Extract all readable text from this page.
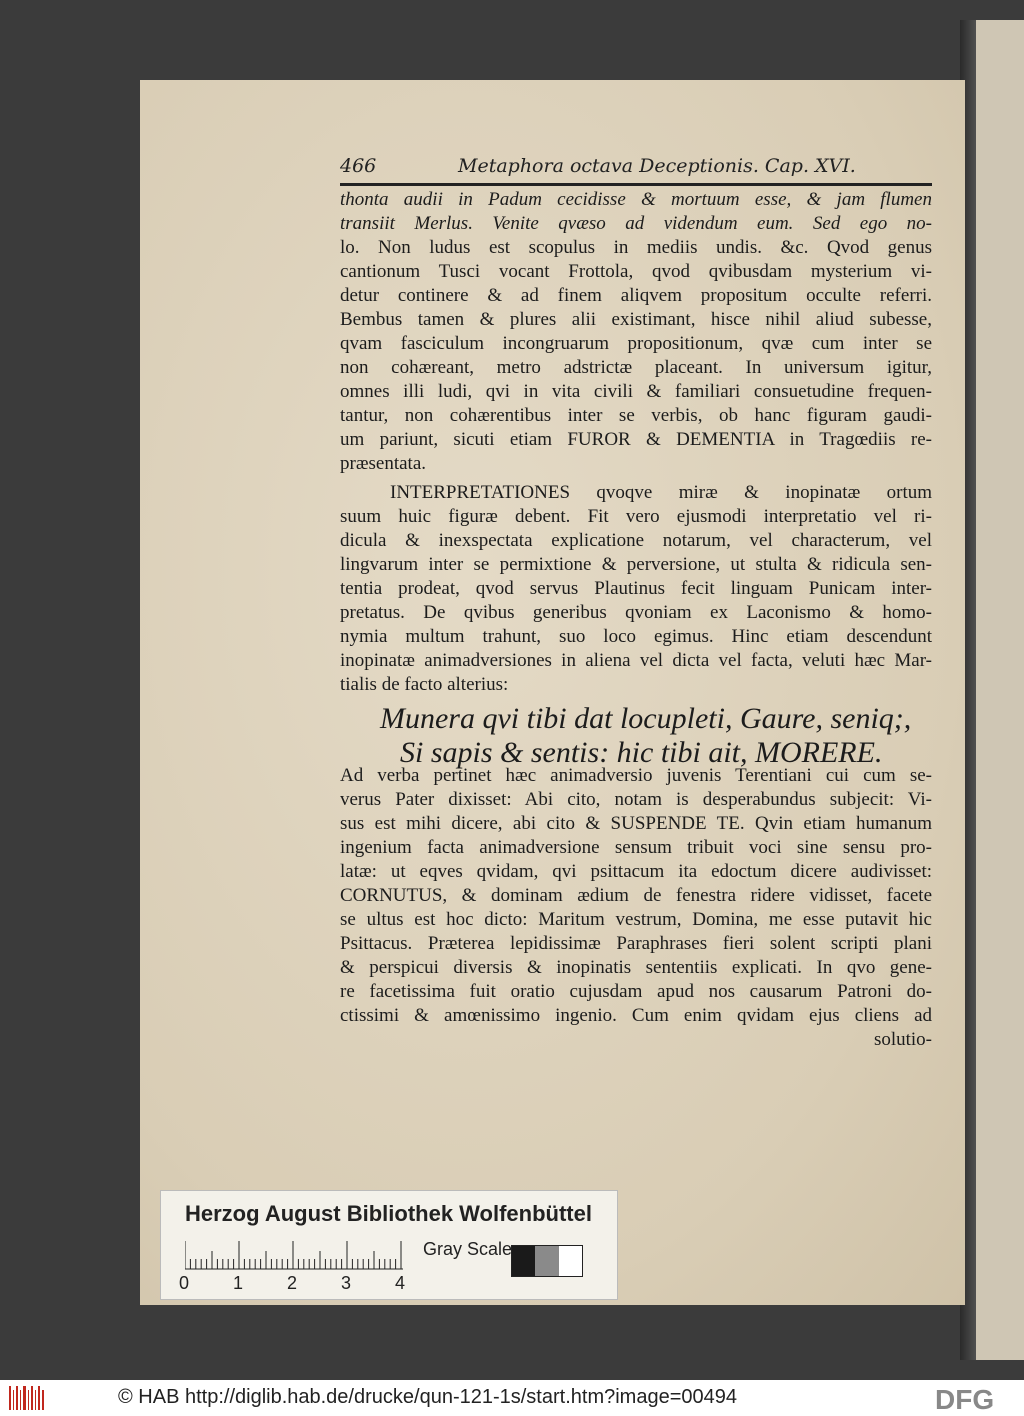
466	Metaphora octava Deceptionis. Cap. XVI.
thonta audii in Padum cecidisse & mortuum esse, & jam flumen
transiit Merlus. Venite qvæso ad videndum eum. Sed ego no-
lo. Non ludus est scopulus in mediis undis. &c. Qvod genus
cantionum Tusci vocant Frottola, qvod qvibusdam mysterium vi-
detur continere & ad finem aliqvem propositum occulte referri.
Bembus tamen & plures alii existimant, hisce nihil aliud subesse,
qvam fasciculum incongruarum propositionum, qvæ cum inter se
non cohæreant, metro adstrictæ placeant. In universum igitur,
omnes illi ludi, qvi in vita civili & familiari consuetudine frequen-
tantur, non cohærentibus inter se verbis, ob hanc figuram gaudi-
um pariunt, sicuti etiam FUROR & DEMENTIA in Tragœdiis re-
præsentata.
INTERPRETATIONES qvoqve miræ & inopinatæ ortum
suum huic figuræ debent. Fit vero ejusmodi interpretatio vel ri-
dicula & inexspectata explicatione notarum, vel characterum, vel
lingvarum inter se permixtione & perversione, ut stulta & ridicula sen-
tentia prodeat, qvod servus Plautinus fecit linguam Punicam inter-
pretatus. De qvibus generibus qvoniam ex Laconismo & homo-
nymia multum trahunt, suo loco egimus. Hinc etiam descendunt
inopinatæ animadversiones in aliena vel dicta vel facta, veluti hæc Mar-
tialis de facto alterius:
Munera qvi tibi dat locupleti, Gaure, seniq;,
Si sapis & sentis: hic tibi ait, MORERE.
Ad verba pertinet hæc animadversio juvenis Terentiani cui cum se-
verus Pater dixisset: Abi cito, notam is desperabundus subjecit: Vi-
sus est mihi dicere, abi cito & SUSPENDE TE. Qvin etiam humanum
ingenium facta animadversione sensum tribuit voci sine sensu pro-
latæ: ut eqves qvidam, qvi psittacum ita edoctum dicere audivisset:
CORNUTUS, & dominam ædium de fenestra ridere vidisset, facete
se ultus est hoc dicto: Maritum vestrum, Domina, me esse putavit hic
Psittacus. Præterea lepidissimæ Paraphrases fieri solent scripti plani
& perspicui diversis & inopinatis sententiis explicati. In qvo gene-
re facetissima fuit oratio cujusdam apud nos causarum Patroni do-
ctissimi & amœnissimo ingenio. Cum enim qvidam ejus cliens ad
solutio-
Herzog August Bibliothek Wolfenbüttel
Gray Scale
0 1 2 3 4
© HAB http://diglib.hab.de/drucke/qun-121-1s/start.htm?image=00494	DFG
